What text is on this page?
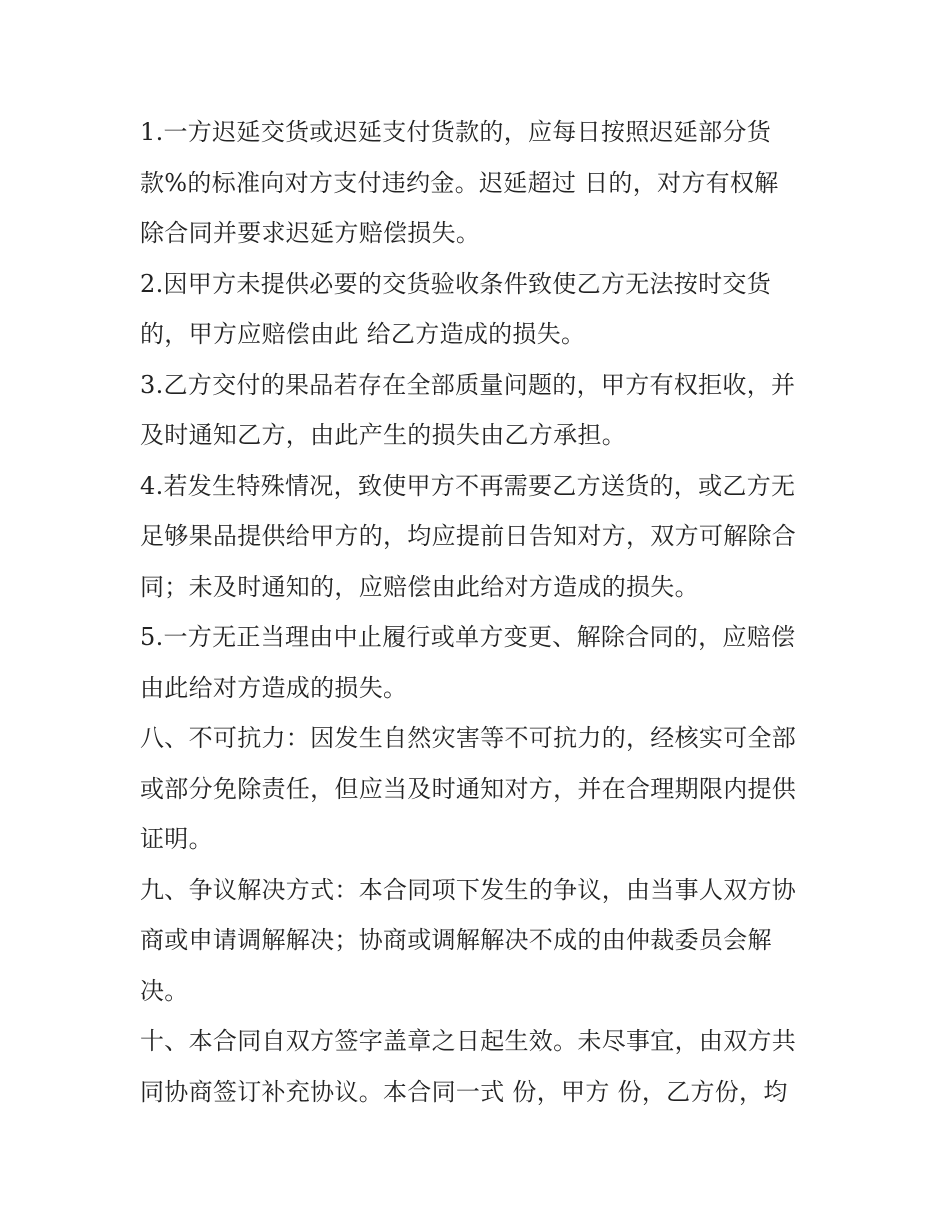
1.一方迟延交货或迟延支付货款的，应每日按照迟延部分货
款%的标准向对方支付违约金。迟延超过 日的，对方有权解
除合同并要求迟延方赔偿损失。

2.因甲方未提供必要的交货验收条件致使乙方无法按时交货
的，甲方应赔偿由此 给乙方造成的损失。

3.乙方交付的果品若存在全部质量问题的，甲方有权拒收，并
及时通知乙方，由此产生的损失由乙方承担。

4.若发生特殊情况，致使甲方不再需要乙方送货的，或乙方无
足够果品提供给甲方的，均应提前日告知对方，双方可解除合
同；未及时通知的，应赔偿由此给对方造成的损失。

5.一方无正当理由中止履行或单方变更、解除合同的，应赔偿
由此给对方造成的损失。

八、不可抗力：因发生自然灾害等不可抗力的，经核实可全部
或部分免除责任，但应当及时通知对方，并在合理期限内提供
证明。

九、争议解决方式：本合同项下发生的争议，由当事人双方协
商或申请调解解决；协商或调解解决不成的由仲裁委员会解
决。

十、本合同自双方签字盖章之日起生效。未尽事宜，由双方共
同协商签订补充协议。本合同一式 份，甲方 份，乙方份，均
